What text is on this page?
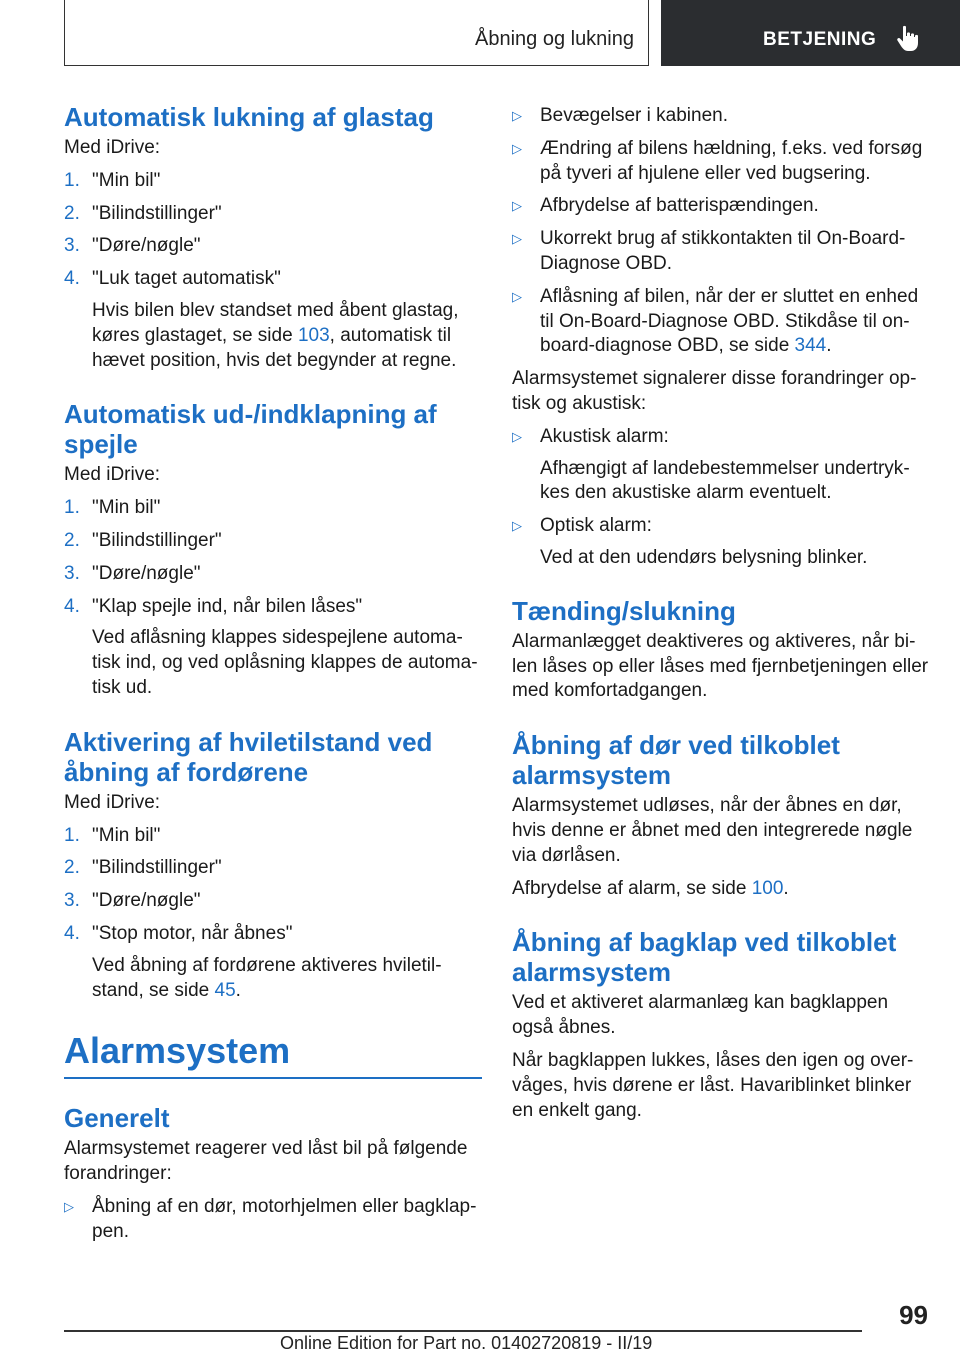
Åbning og lukning	BETJENING
Automatisk lukning af glastag

Med iDrive:

1. "Min bil"
2. "Bilindstillinger"
3. "Døre/nøgle"
4. "Luk taget automatisk"

Hvis bilen blev standset med åbent glastag, køres glastaget, se side 103, automatisk til hævet position, hvis det begynder at regne.

Automatisk ud-/indklapning af spejle

Med iDrive:

1. "Min bil"
2. "Bilindstillinger"
3. "Døre/nøgle"
4. "Klap spejle ind, når bilen låses"

Ved aflåsning klappes sidespejlene automatisk ind, og ved oplåsning klappes de automatisk ud.

Aktivering af hviletilstand ved åbning af fordørene

Med iDrive:

1. "Min bil"
2. "Bilindstillinger"
3. "Døre/nøgle"
4. "Stop motor, når åbnes"

Ved åbning af fordørene aktiveres hviletilstand, se side 45.

Alarmsystem
Generelt

Alarmsystemet reagerer ved låst bil på følgende forandringer:

▷ Åbning af en dør, motorhjelmen eller bagklappen.
▷ Bevægelser i kabinen.
▷ Ændring af bilens hældning, f.eks. ved forsøg på tyveri af hjulene eller ved bugsering.
▷ Afbrydelse af batterispændingen.
▷ Ukorrekt brug af stikkontakten til On-Board-Diagnose OBD.
▷ Aflåsning af bilen, når der er sluttet en enhed til On-Board-Diagnose OBD. Stikdåse til onboard-diagnose OBD, se side 344.

Alarmsystemet signalerer disse forandringer optisk og akustisk:

▷ Akustisk alarm:

Afhængigt af landebestemmelser undertrykkes den akustiske alarm eventuelt.

▷ Optisk alarm:

Ved at den udendørs belysning blinker.

Tænding/slukning

Alarmanlægget deaktiveres og aktiveres, når bilen låses op eller låses med fjernbetjeningen eller med komfortadgangen.

Åbning af dør ved tilkoblet alarmsystem

Alarmsystemet udløses, når der åbnes en dør, hvis denne er åbnet med den integrerede nøgle via dørlåsen.

Afbrydelse af alarm, se side 100.

Åbning af bagklap ved tilkoblet alarmsystem

Ved et aktiveret alarmanlæg kan bagklappen også åbnes.

Når bagklappen lukkes, låses den igen og overvåges, hvis dørene er låst. Havariblinket blinker en enkelt gang.

99
Online Edition for Part no. 01402720819 - II/19
